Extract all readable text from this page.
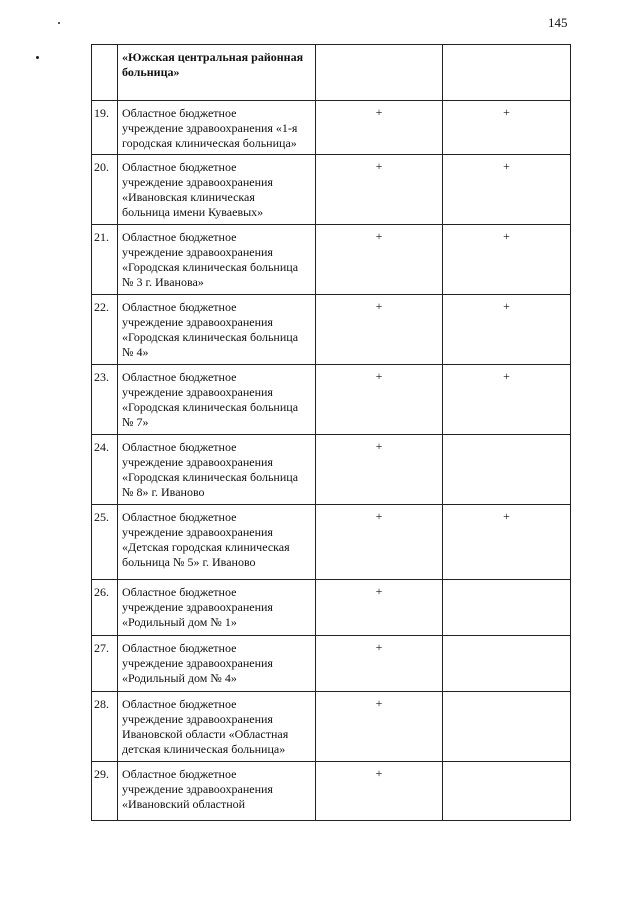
145

	«Южская центральная районная
больница»		

19.	Областное бюджетное
учреждение здравоохранения «1-я
городская клиническая больница»	+	+
20.	Областное бюджетное
учреждение здравоохранения
«Ивановская клиническая
больница имени Куваевых»	+	+
21.	Областное бюджетное
учреждение здравоохранения
«Городская клиническая больница
№ 3 г. Иванова»	+	+
22.	Областное бюджетное
учреждение здравоохранения
«Городская клиническая больница
№ 4»	+	+
23.	Областное бюджетное
учреждение здравоохранения
«Городская клиническая больница
№ 7»	+	+
24.	Областное бюджетное
учреждение здравоохранения
«Городская клиническая больница
№ 8» г. Иваново	+	
25.	Областное бюджетное
учреждение здравоохранения
«Детская городская клиническая
больница № 5» г. Иваново	+	+
26.	Областное бюджетное
учреждение здравоохранения
«Родильный дом № 1»	+	
27.	Областное бюджетное
учреждение здравоохранения
«Родильный дом № 4»	+	
28.	Областное бюджетное
учреждение здравоохранения
Ивановской области «Областная
детская клиническая больница»	+	
29.	Областное бюджетное
учреждение здравоохранения
«Ивановский областной	+	
